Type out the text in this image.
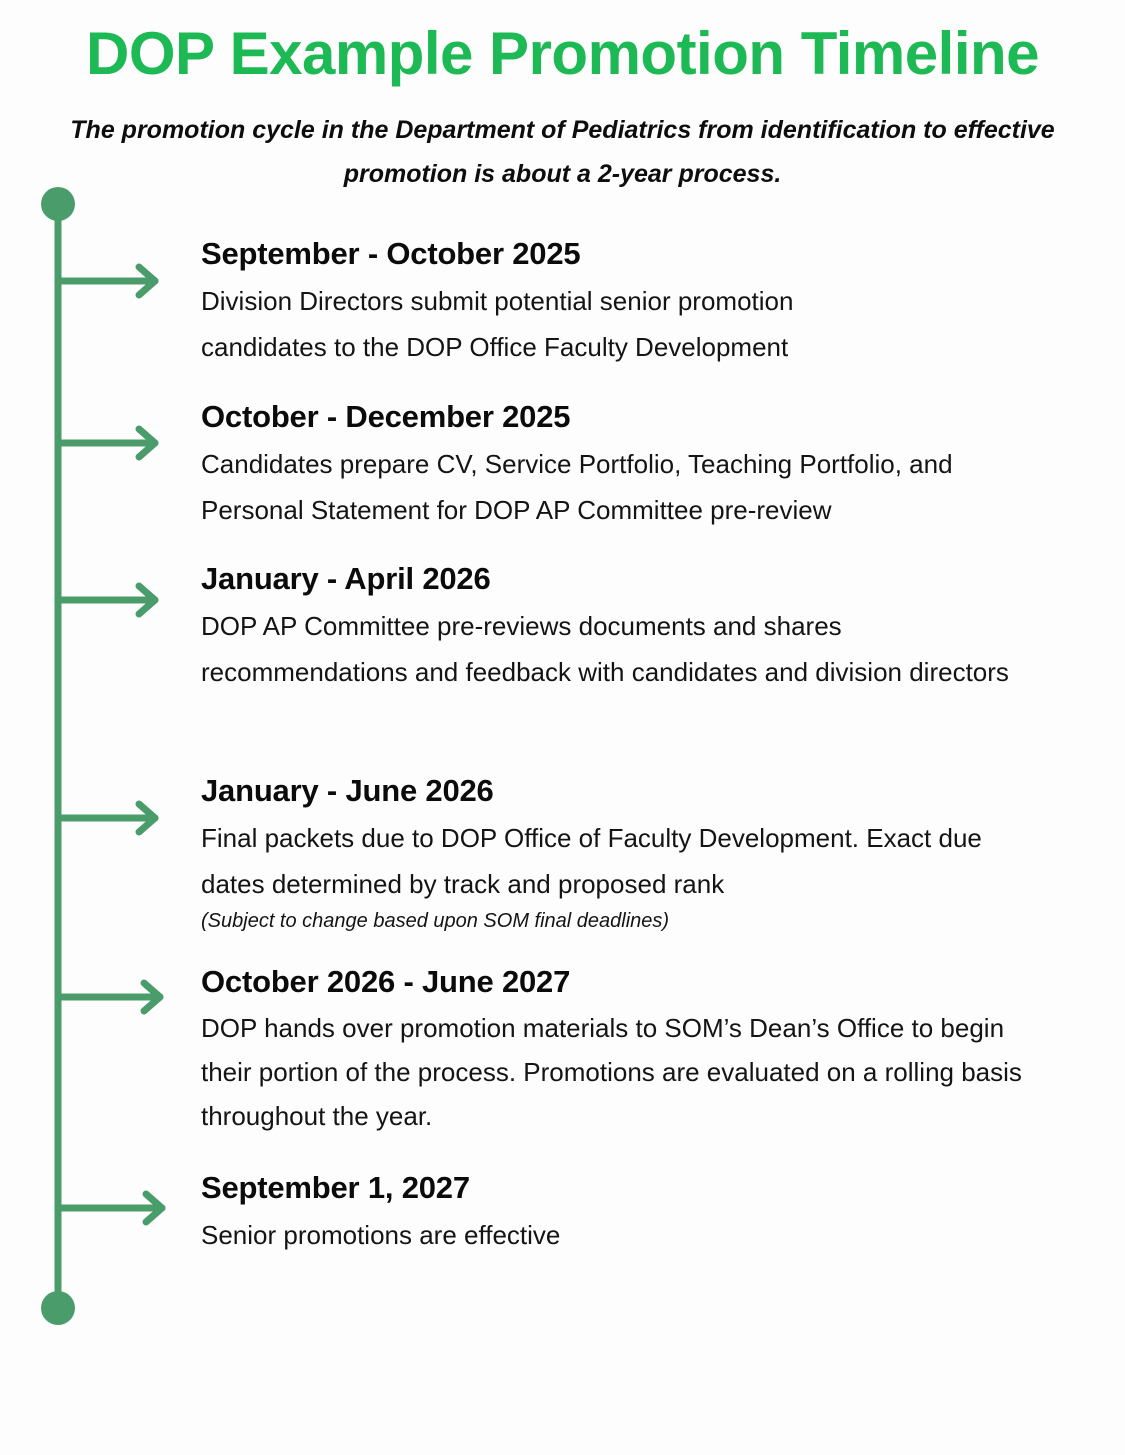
DOP Example Promotion Timeline

The promotion cycle in the Department of Pediatrics from identification to effective promotion is about a 2-year process.

September - October 2025

Division Directors submit potential senior promotion candidates to the DOP Office Faculty Development

October - December 2025

Candidates prepare CV, Service Portfolio, Teaching Portfolio, and Personal Statement for DOP AP Committee pre-review

January - April 2026

DOP AP Committee pre-reviews documents and shares recommendations and feedback with candidates and division directors

January - June 2026

Final packets due to DOP Office of Faculty Development. Exact due dates determined by track and proposed rank

(Subject to change based upon SOM final deadlines)

October 2026 - June 2027

DOP hands over promotion materials to SOM’s Dean’s Office to begin their portion of the process. Promotions are evaluated on a rolling basis throughout the year.

September 1, 2027

Senior promotions are effective
